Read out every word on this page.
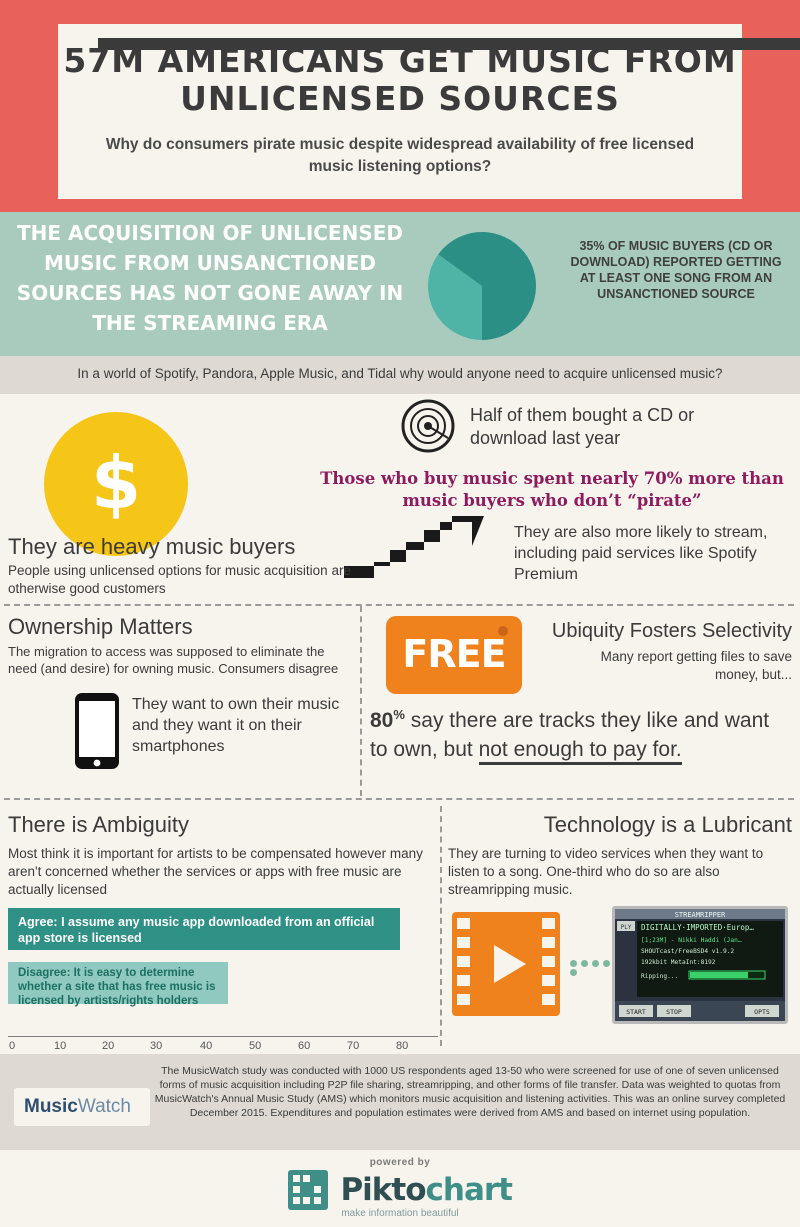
57M AMERICANS GET MUSIC FROM UNLICENSED SOURCES
Why do consumers pirate music despite widespread availability of free licensed music listening options?
THE ACQUISITION OF UNLICENSED MUSIC FROM UNSANCTIONED SOURCES HAS NOT GONE AWAY IN THE STREAMING ERA
35% OF MUSIC BUYERS (CD OR DOWNLOAD) REPORTED GETTING AT LEAST ONE SONG FROM AN UNSANCTIONED SOURCE
In a world of Spotify, Pandora, Apple Music, and Tidal why would anyone need to acquire unlicensed music?
$
Half of them bought a CD or download last year
Those who buy music spent nearly 70% more than music buyers who don’t “pirate”
They are also more likely to stream, including paid services like Spotify Premium
They are heavy music buyers
People using unlicensed options for music acquisition are otherwise good customers
Ownership Matters
The migration to access was supposed to eliminate the need (and desire) for owning music. Consumers disagree
They want to own their music and they want it on their smartphones
FREE
Ubiquity Fosters Selectivity
Many report getting files to save money, but...
80% say there are tracks they like and want to own, but not enough to pay for.
There is Ambiguity
Most think it is important for artists to be compensated however many aren't concerned whether the services or apps with free music are actually licensed
Agree: I assume any music app downloaded from an official app store is licensed
Disagree: It is easy to determine whether a site that has free music is licensed by artists/rights holders
0	10	20	30	40	50	60	70	80
Technology is a Lubricant
They are turning to video services when they want to listen to a song. One-third who do so are also streamripping music.
STREAMRIPPER
PLY DIGITALLY·IMPORTED·Europ…
[1;23M] - Nikki Haddi (Jan…
SHOUTcast/FreeBSD4 v1.9.2
192kbit MetaInt:8192
Ripping...
START	STOP	OPTS
The MusicWatch study was conducted with 1000 US respondents aged 13-50 who were screened for use of one of seven unlicensed forms of music acquisition including P2P file sharing, streamripping, and other forms of file transfer. Data was weighted to quotas from MusicWatch's Annual Music Study (AMS) which monitors music acquisition and listening activities. This was an online survey completed December 2015. Expenditures and population estimates were derived from AMS and based on internet using population.
MusicWatch
powered by
Piktochart
make information beautiful
